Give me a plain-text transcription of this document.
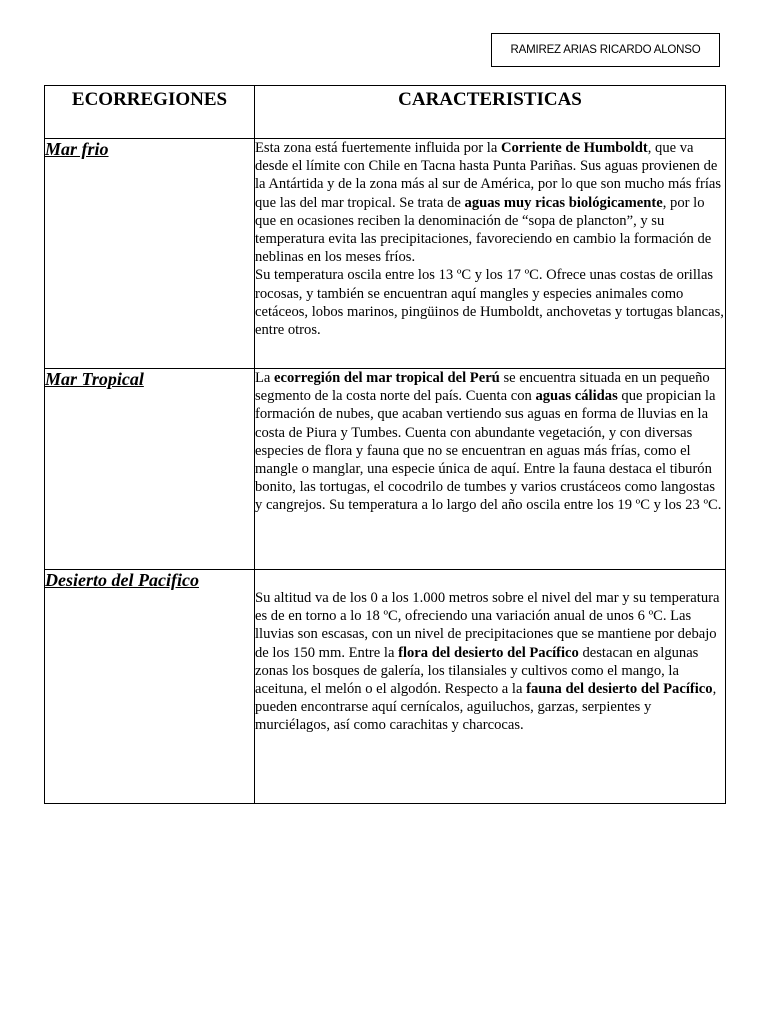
RAMIREZ ARIAS RICARDO ALONSO
ECORREGIONES	CARACTERISTICAS

Mar frio	Esta zona está fuertemente influida por la Corriente de Humboldt, que va desde el límite con Chile en Tacna hasta Punta Pariñas. Sus aguas provienen de la Antártida y de la zona más al sur de América, por lo que son mucho más frías que las del mar tropical. Se trata de aguas muy ricas biológicamente, por lo que en ocasiones reciben la denominación de “sopa de plancton”, y su temperatura evita las precipitaciones, favoreciendo en cambio la formación de neblinas en los meses fríos.

Su temperatura oscila entre los 13 ºC y los 17 ºC. Ofrece unas costas de orillas rocosas, y también se encuentran aquí mangles y especies animales como cetáceos, lobos marinos, pingüinos de Humboldt, anchovetas y tortugas blancas, entre otros.

Mar Tropical	La ecorregión del mar tropical del Perú se encuentra situada en un pequeño segmento de la costa norte del país. Cuenta con aguas cálidas que propician la formación de nubes, que acaban vertiendo sus aguas en forma de lluvias en la costa de Piura y Tumbes. Cuenta con abundante vegetación, y con diversas especies de flora y fauna que no se encuentran en aguas más frías, como el mangle o manglar, una especie única de aquí. Entre la fauna destaca el tiburón bonito, las tortugas, el cocodrilo de tumbes y varios crustáceos como langostas y cangrejos. Su temperatura a lo largo del año oscila entre los 19 ºC y los 23 ºC.

Desierto del Pacifico	Su altitud va de los 0 a los 1.000 metros sobre el nivel del mar y su temperatura es de en torno a lo 18 ºC, ofreciendo una variación anual de unos 6 ºC. Las lluvias son escasas, con un nivel de precipitaciones que se mantiene por debajo de los 150 mm. Entre la flora del desierto del Pacífico destacan en algunas zonas los bosques de galería, los tilansiales y cultivos como el mango, la aceituna, el melón o el algodón. Respecto a la fauna del desierto del Pacífico, pueden encontrarse aquí cernícalos, aguiluchos, garzas, serpientes y murciélagos, así como carachitas y charcocas.
